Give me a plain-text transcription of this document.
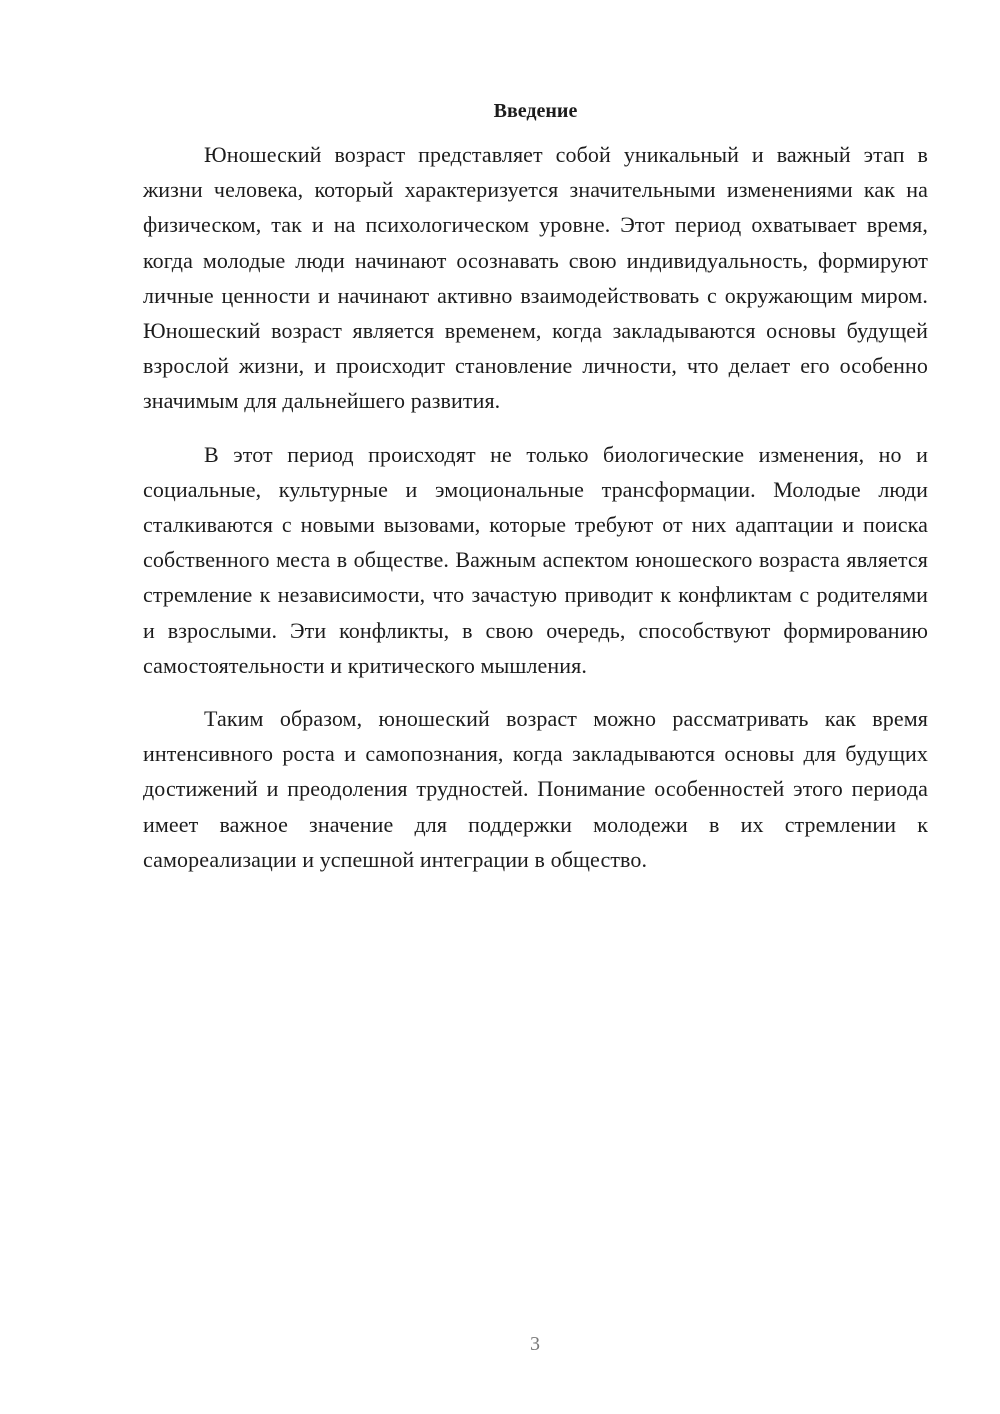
Введение

Юношеский возраст представляет собой уникальный и важный этап в жизни человека, который характеризуется значительными изменениями как на физическом, так и на психологическом уровне. Этот период охватывает время, когда молодые люди начинают осознавать свою индивидуальность, формируют личные ценности и начинают активно взаимодействовать с окружающим миром. Юношеский возраст является временем, когда закладываются основы будущей взрослой жизни, и происходит становление личности, что делает его особенно значимым для дальнейшего развития.

В этот период происходят не только биологические изменения, но и социальные, культурные и эмоциональные трансформации. Молодые люди сталкиваются с новыми вызовами, которые требуют от них адаптации и поиска собственного места в обществе. Важным аспектом юношеского возраста является стремление к независимости, что зачастую приводит к конфликтам с родителями и взрослыми. Эти конфликты, в свою очередь, способствуют формированию самостоятельности и критического мышления.

Таким образом, юношеский возраст можно рассматривать как время интенсивного роста и самопознания, когда закладываются основы для будущих достижений и преодоления трудностей. Понимание особенностей этого периода имеет важное значение для поддержки молодежи в их стремлении к самореализации и успешной интеграции в общество.

3
